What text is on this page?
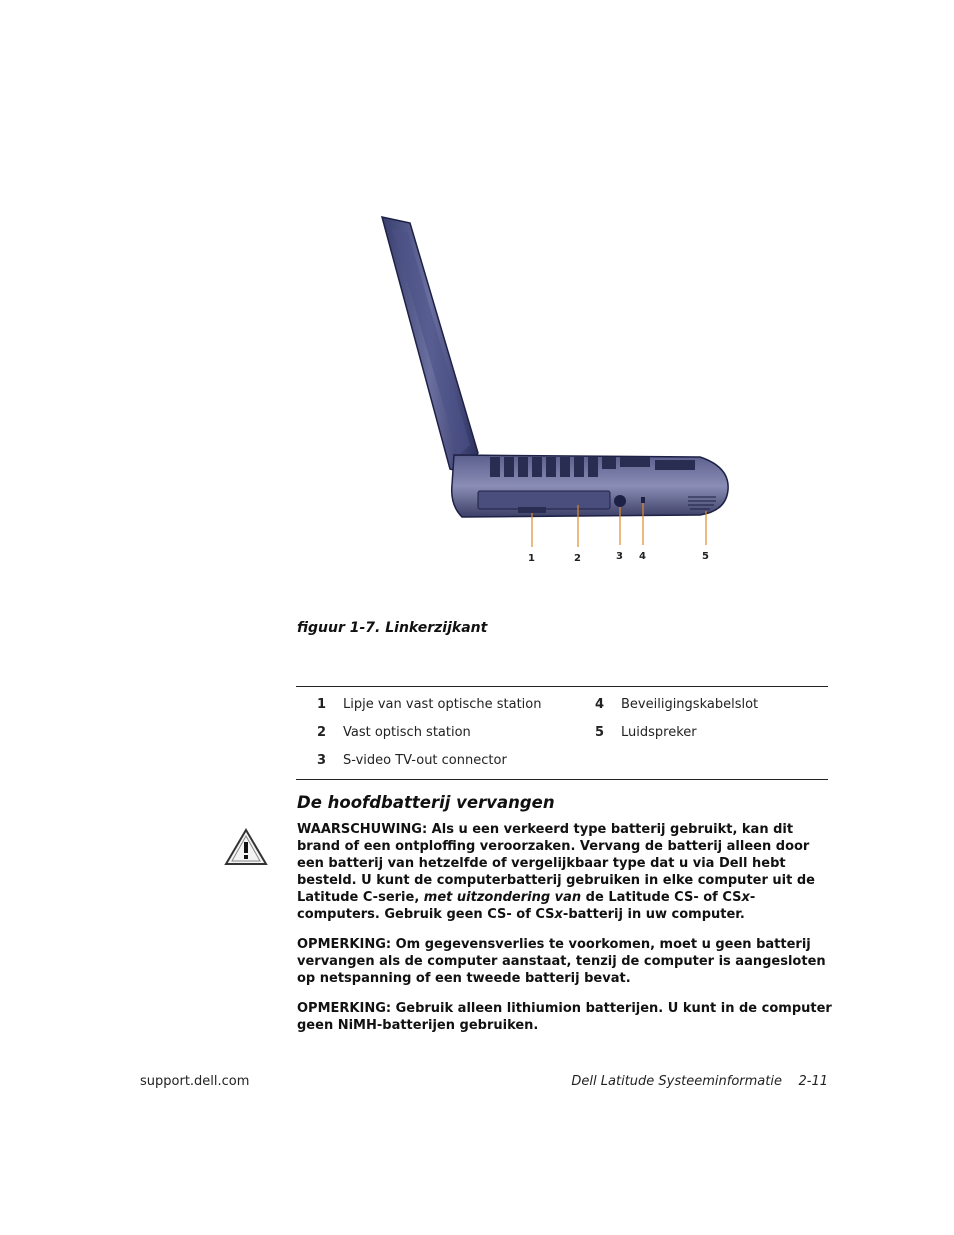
1	2	3 4	5
figuur 1-7. Linkerzijkant
1	Lipje van vast optische station	4	Beveiligingskabelslot
2	Vast optisch station	5	Luidspreker
3	S-video TV-out connector
De hoofdbatterij vervangen
WAARSCHUWING: Als u een verkeerd type batterij gebruikt, kan dit brand of een ontploffing veroorzaken. Vervang de batterij alleen door een batterij van hetzelfde of vergelijkbaar type dat u via Dell hebt besteld. U kunt de computerbatterij gebruiken in elke computer uit de Latitude C-serie, met uitzondering van de Latitude CS- of CSx-computers. Gebruik geen CS- of CSx-batterij in uw computer.
OPMERKING: Om gegevensverlies te voorkomen, moet u geen batterij vervangen als de computer aanstaat, tenzij de computer is aangesloten op netspanning of een tweede batterij bevat.
OPMERKING: Gebruik alleen lithiumion batterijen. U kunt in de computer geen NiMH-batterijen gebruiken.
support.dell.com	Dell Latitude Systeeminformatie    2-11
